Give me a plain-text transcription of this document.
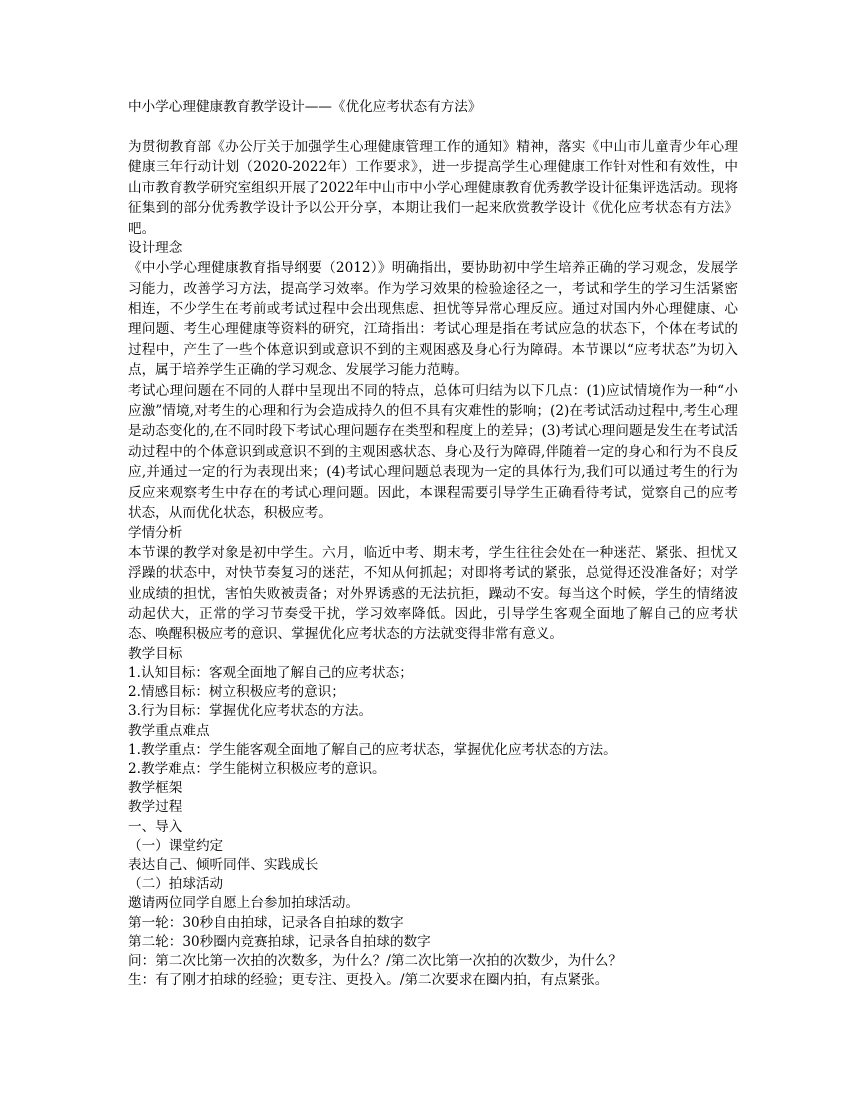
中小学心理健康教育教学设计——《优化应考状态有方法》

为贯彻教育部《办公厅关于加强学生心理健康管理工作的通知》精神，落实《中山市儿童青少年心理健康三年行动计划（2020-2022年）工作要求》，进一步提高学生心理健康工作针对性和有效性，中山市教育教学研究室组织开展了2022年中山市中小学心理健康教育优秀教学设计征集评选活动。现将征集到的部分优秀教学设计予以公开分享，本期让我们一起来欣赏教学设计《优化应考状态有方法》吧。

设计理念

《中小学心理健康教育指导纲要（2012）》明确指出，要协助初中学生培养正确的学习观念，发展学习能力，改善学习方法，提高学习效率。作为学习效果的检验途径之一，考试和学生的学习生活紧密相连，不少学生在考前或考试过程中会出现焦虑、担忧等异常心理反应。通过对国内外心理健康、心理问题、考生心理健康等资料的研究，江琦指出：考试心理是指在考试应急的状态下，个体在考试的过程中，产生了一些个体意识到或意识不到的主观困惑及身心行为障碍。本节课以“应考状态”为切入点，属于培养学生正确的学习观念、发展学习能力范畴。

考试心理问题在不同的人群中呈现出不同的特点，总体可归结为以下几点：(1)应试情境作为一种“小应激”情境,对考生的心理和行为会造成持久的但不具有灾难性的影响；(2)在考试活动过程中,考生心理是动态变化的,在不同时段下考试心理问题存在类型和程度上的差异；(3)考试心理问题是发生在考试活动过程中的个体意识到或意识不到的主观困惑状态、身心及行为障碍,伴随着一定的身心和行为不良反应,并通过一定的行为表现出来；(4)考试心理问题总表现为一定的具体行为,我们可以通过考生的行为反应来观察考生中存在的考试心理问题。因此，本课程需要引导学生正确看待考试，觉察自己的应考状态，从而优化状态，积极应考。

学情分析

本节课的教学对象是初中学生。六月，临近中考、期末考，学生往往会处在一种迷茫、紧张、担忧又浮躁的状态中，对快节奏复习的迷茫，不知从何抓起；对即将考试的紧张，总觉得还没准备好；对学业成绩的担忧，害怕失败被责备；对外界诱惑的无法抗拒，躁动不安。每当这个时候，学生的情绪波动起伏大，正常的学习节奏受干扰，学习效率降低。因此，引导学生客观全面地了解自己的应考状态、唤醒积极应考的意识、掌握优化应考状态的方法就变得非常有意义。

教学目标

1.认知目标：客观全面地了解自己的应考状态；

2.情感目标：树立积极应考的意识；

3.行为目标：掌握优化应考状态的方法。

教学重点难点

1.教学重点：学生能客观全面地了解自己的应考状态，掌握优化应考状态的方法。

2.教学难点：学生能树立积极应考的意识。

教学框架

教学过程

一、导入

（一）课堂约定

表达自己、倾听同伴、实践成长

（二）拍球活动

邀请两位同学自愿上台参加拍球活动。

第一轮：30秒自由拍球，记录各自拍球的数字

第二轮：30秒圈内竞赛拍球，记录各自拍球的数字

问：第二次比第一次拍的次数多，为什么？/第二次比第一次拍的次数少，为什么？

生：有了刚才拍球的经验；更专注、更投入。/第二次要求在圈内拍，有点紧张。
